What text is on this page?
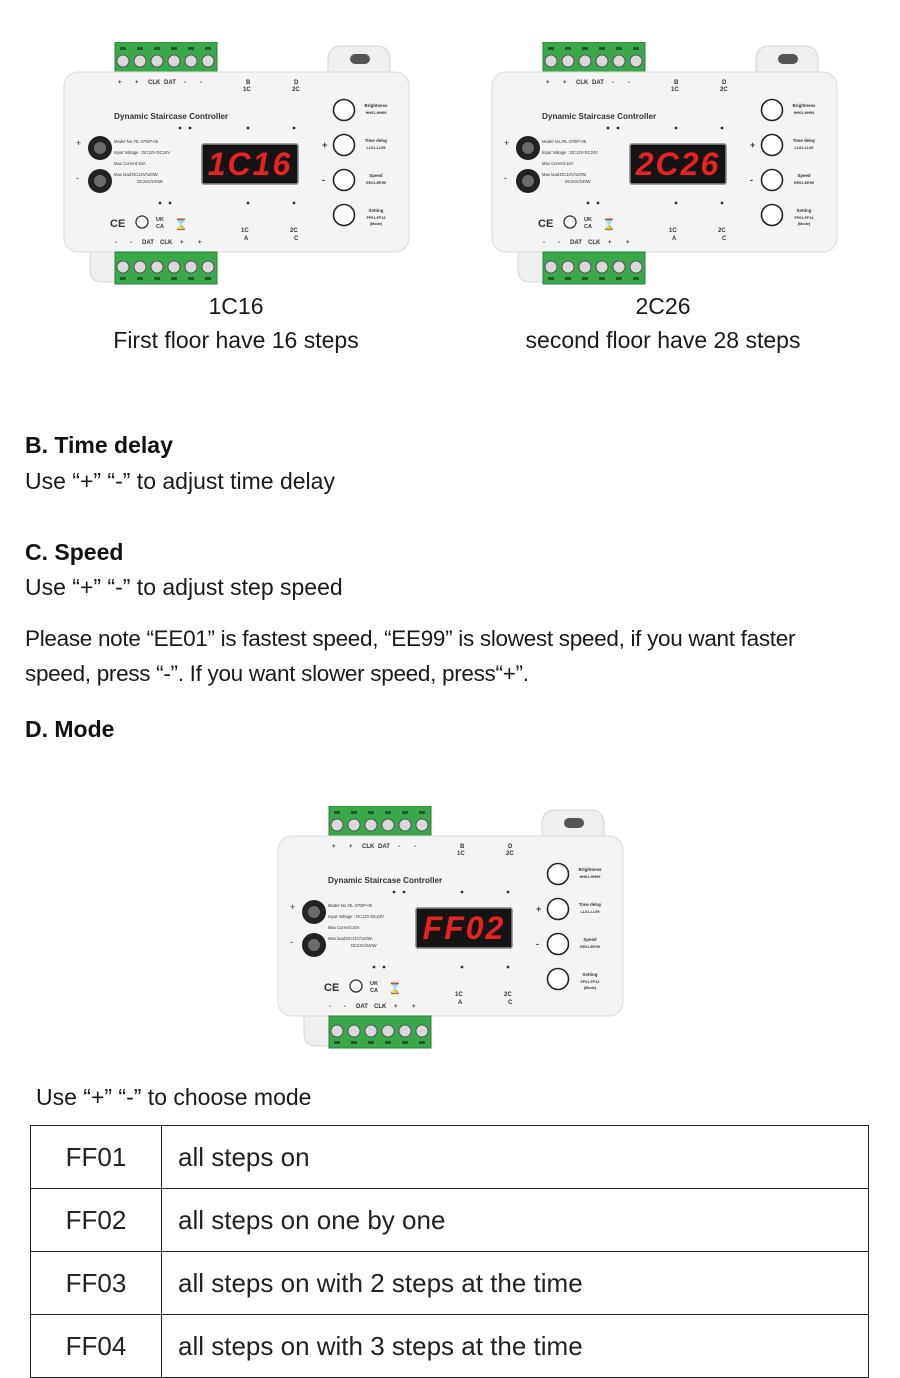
+ + CLK DAT - -	B
1C
D
2C
- - DAT CLK + +
1C
A
2C
C
Dynamic Staircase Controller
+
-
Model No.:RL-STEP-05
Input Voltage : DC12V-DC24V
Max Current:10A
Max load:DC12V/120W,
DC24V/240W 1C16
CE	UK
CA ⌛
Brightness
HH01-HH99
+	Time delay
LL01-LL99
-	Speed
EE01-EE99
Setting
FF01-FF12
(Mode)
1C16
First floor have 16 steps
+ + CLK DAT - -	B
1C
D
2C
- - DAT CLK + +
1C
A
2C
C
Dynamic Staircase Controller
+
-
Model No.:RL-STEP-05
Input Voltage : DC12V-DC24V
Max Current:10A
Max load:DC12V/120W,
DC24V/240W 2C26
CE	UK
CA ⌛
Brightness
HH01-HH99
+	Time delay
LL01-LL99
-	Speed
EE01-EE99
Setting
FF01-FF12
(Mode)
2C26
second floor have 28 steps
B. Time delay
Use “+” “-” to adjust time delay
C. Speed
Use “+” “-” to adjust step speed
Please note “EE01” is fastest speed, “EE99” is slowest speed, if you want faster
speed, press “-”. If you want slower speed, press“+”.
D. Mode
+ + CLK DAT - -	B
1C
D
2C
- - DAT CLK + +
1C
A
2C
C
Dynamic Staircase Controller
+
-
Model No.:RL-STEP-05
Input Voltage : DC12V-DC24V
Max Current:10A
Max load:DC12V/120W,
DC24V/240W FF02
CE	UK
CA ⌛
Brightness
HH01-HH99
+	Time delay
LL01-LL99
-	Speed
EE01-EE99
Setting
FF01-FF12
(Mode)
Use “+” “-” to choose mode
FF01	all steps on
FF02	all steps on one by one
FF03	all steps on with 2 steps at the time
FF04	all steps on with 3 steps at the time
